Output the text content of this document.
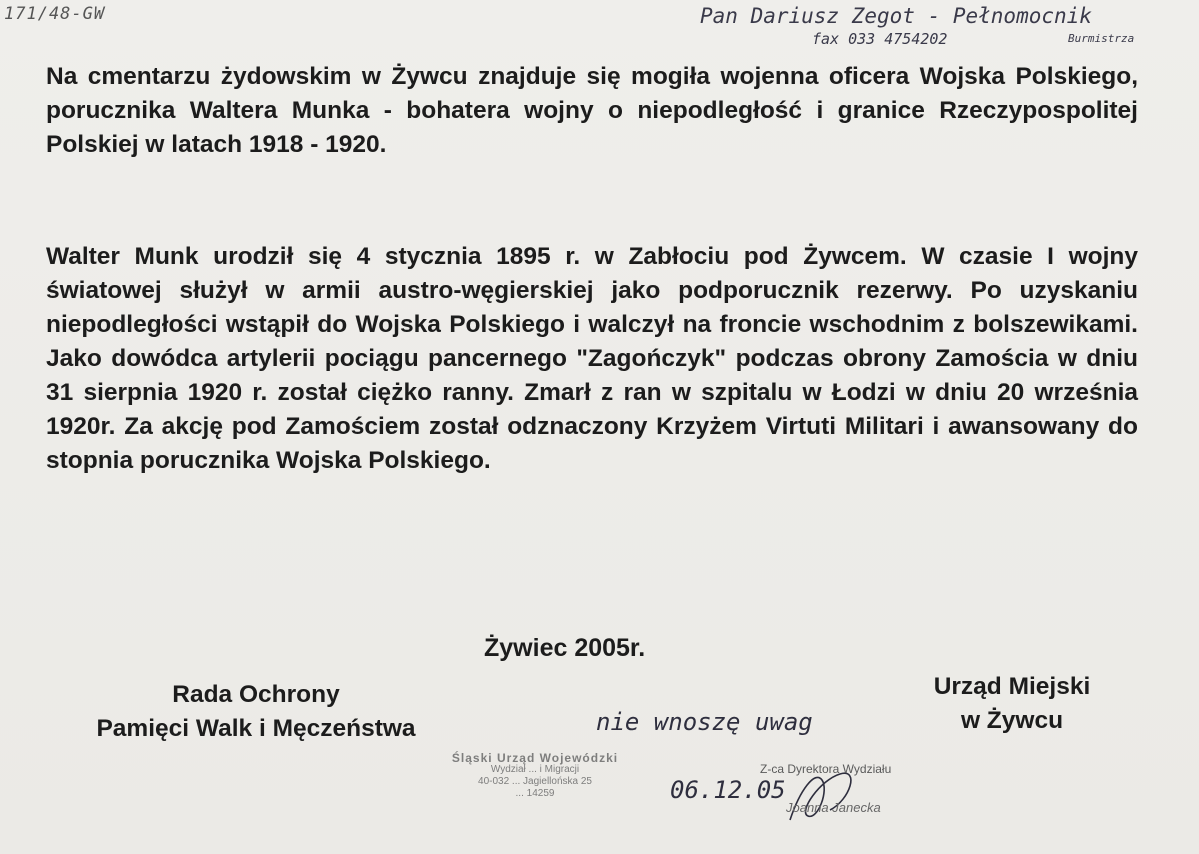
171/48-GW	Pan Dariusz Zegot - Pełnomocnik
fax 033 4754202	Burmistrza

Na cmentarzu żydowskim w Żywcu znajduje się mogiła wojenna oficera Wojska Polskiego, porucznika Waltera Munka - bohatera wojny o niepodległość i granice Rzeczypospolitej Polskiej w latach 1918 - 1920.

Walter Munk urodził się 4 stycznia 1895 r. w Zabłociu pod Żywcem. W czasie I wojny światowej służył w armii austro-węgierskiej jako podporucznik rezerwy. Po uzyskaniu niepodległości wstąpił do Wojska Polskiego i walczył na froncie wschodnim z bolszewikami. Jako dowódca artylerii pociągu pancernego "Zagończyk" podczas obrony Zamościa w dniu 31 sierpnia 1920 r. został ciężko ranny. Zmarł z ran w szpitalu w Łodzi w dniu 20 września 1920r. Za akcję pod Zamościem został odznaczony Krzyżem Virtuti Militari i awansowany do stopnia porucznika Wojska Polskiego.

Żywiec 2005r.
Rada Ochrony
Pamięci Walk i Męczeństwa
Urząd Miejski
w Żywcu
Śląski Urząd Wojewódzki
Wydział ... i Migracji
40-032 ... Jagiellońska 25
... 14259
nie wnoszę uwag
06.12.05
Z-ca Dyrektora Wydziału
Joanna Janecka
